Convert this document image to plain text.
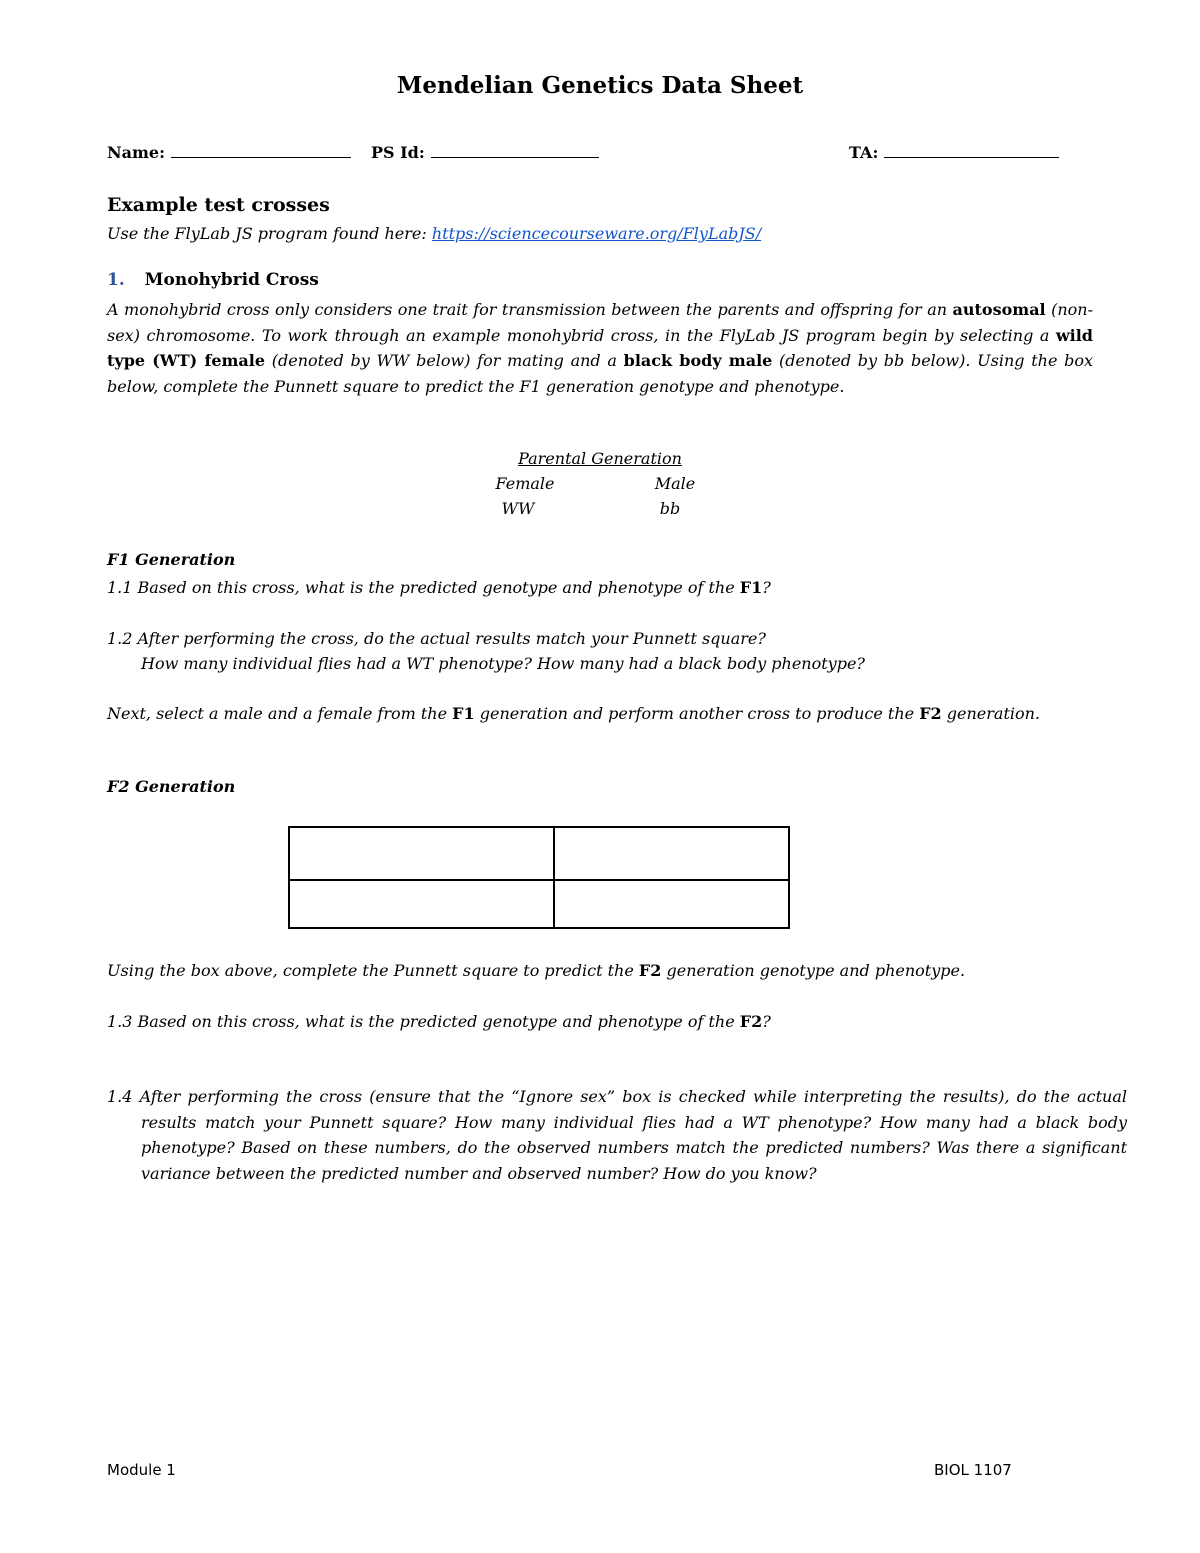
Mendelian Genetics Data Sheet
Name:	PS Id:	TA:
Example test crosses
Use the FlyLab JS program found here: https://sciencecourseware.org/FlyLabJS/
1. Monohybrid Cross
A monohybrid cross only considers one trait for transmission between the parents and offspring for an autosomal (non-sex) chromosome. To work through an example monohybrid cross, in the FlyLab JS program begin by selecting a wild type (WT) female (denoted by WW below) for mating and a black body male (denoted by bb below). Using the box below, complete the Punnett square to predict the F1 generation genotype and phenotype.
Parental Generation
Female	Male
WW	bb
F1 Generation
1.1 Based on this cross, what is the predicted genotype and phenotype of the F1?
1.2 After performing the cross, do the actual results match your Punnett square?
How many individual flies had a WT phenotype? How many had a black body phenotype?
Next, select a male and a female from the F1 generation and perform another cross to produce the F2 generation.
F2 Generation
Using the box above, complete the Punnett square to predict the F2 generation genotype and phenotype.
1.3 Based on this cross, what is the predicted genotype and phenotype of the F2?
1.4 After performing the cross (ensure that the “Ignore sex” box is checked while interpreting the results), do the actual results match your Punnett square? How many individual flies had a WT phenotype? How many had a black body phenotype? Based on these numbers, do the observed numbers match the predicted numbers? Was there a significant variance between the predicted number and observed number? How do you know?
Module 1	BIOL 1107
